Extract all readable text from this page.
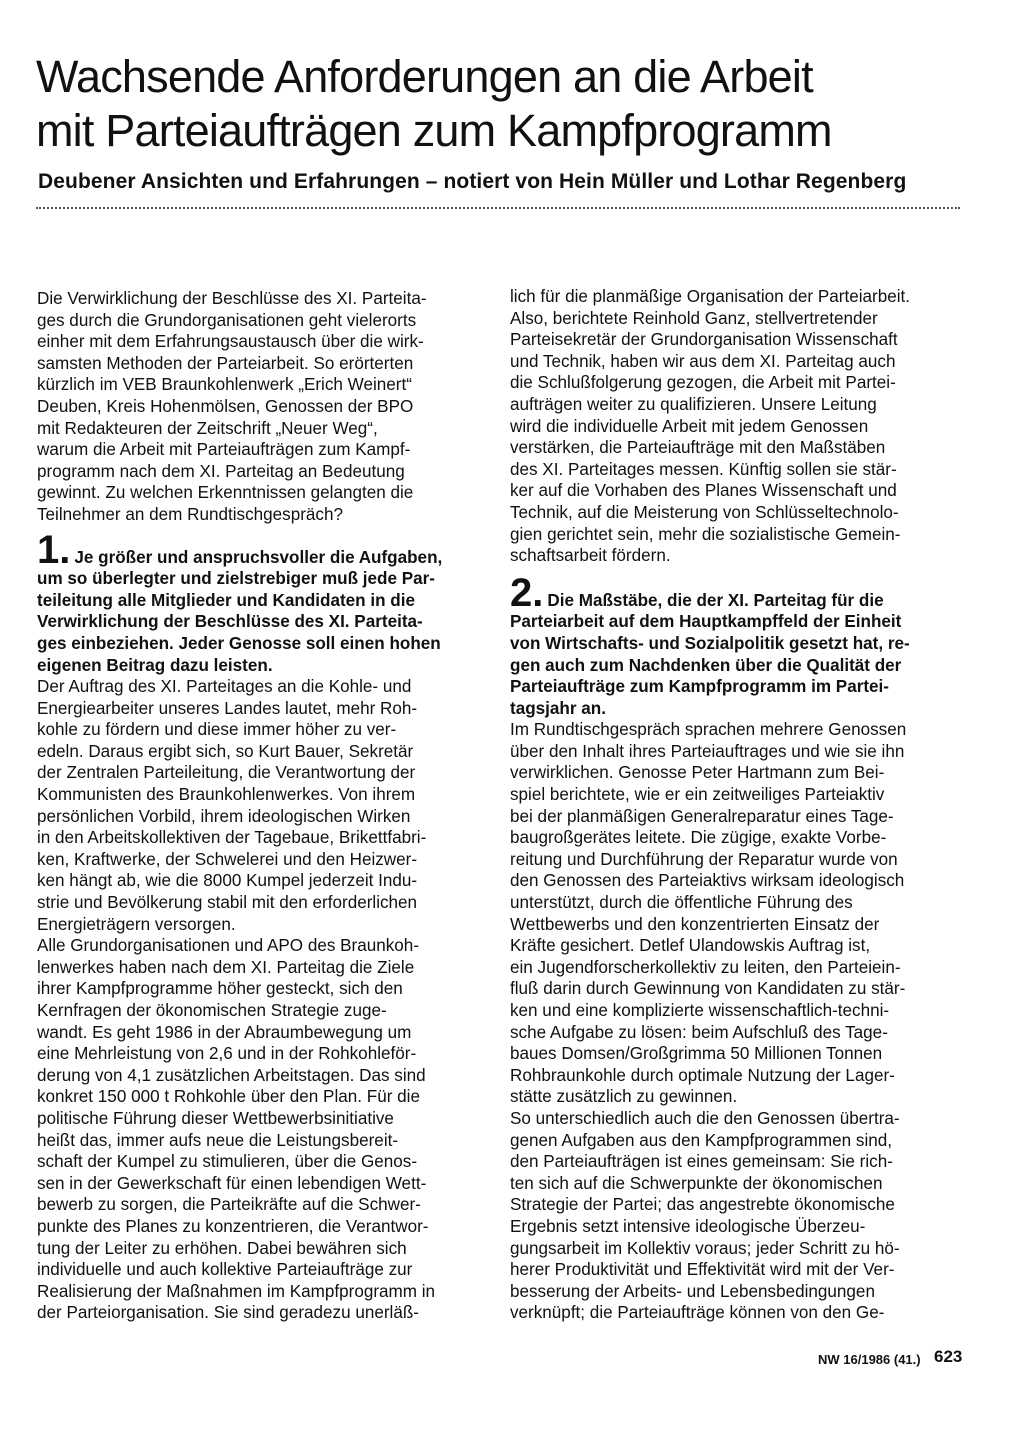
Wachsende Anforderungen an die Arbeit
mit Parteiaufträgen zum Kampfprogramm
Deubener Ansichten und Erfahrungen – notiert von Hein Müller und Lothar Regenberg
Die Verwirklichung der Beschlüsse des XI. Parteita-
ges durch die Grundorganisationen geht vielerorts
einher mit dem Erfahrungsaustausch über die wirk-
samsten Methoden der Parteiarbeit. So erörterten
kürzlich im VEB Braunkohlenwerk „Erich Weinert“
Deuben, Kreis Hohenmölsen, Genossen der BPO
mit Redakteuren der Zeitschrift „Neuer Weg“,
warum die Arbeit mit Parteiaufträgen zum Kampf-
programm nach dem XI. Parteitag an Bedeutung
gewinnt. Zu welchen Erkenntnissen gelangten die
Teilnehmer an dem Rundtischgespräch?
1. Je größer und anspruchsvoller die Aufgaben,
um so überlegter und zielstrebiger muß jede Par-
teileitung alle Mitglieder und Kandidaten in die
Verwirklichung der Beschlüsse des XI. Parteita-
ges einbeziehen. Jeder Genosse soll einen hohen
eigenen Beitrag dazu leisten.
Der Auftrag des XI. Parteitages an die Kohle- und
Energiearbeiter unseres Landes lautet, mehr Roh-
kohle zu fördern und diese immer höher zu ver-
edeln. Daraus ergibt sich, so Kurt Bauer, Sekretär
der Zentralen Parteileitung, die Verantwortung der
Kommunisten des Braunkohlenwerkes. Von ihrem
persönlichen Vorbild, ihrem ideologischen Wirken
in den Arbeitskollektiven der Tagebaue, Brikettfabri-
ken, Kraftwerke, der Schwelerei und den Heizwer-
ken hängt ab, wie die 8000 Kumpel jederzeit Indu-
strie und Bevölkerung stabil mit den erforderlichen
Energieträgern versorgen.
Alle Grundorganisationen und APO des Braunkoh-
lenwerkes haben nach dem XI. Parteitag die Ziele
ihrer Kampfprogramme höher gesteckt, sich den
Kernfragen der ökonomischen Strategie zuge-
wandt. Es geht 1986 in der Abraumbewegung um
eine Mehrleistung von 2,6 und in der Rohkohleför-
derung von 4,1 zusätzlichen Arbeitstagen. Das sind
konkret 150 000 t Rohkohle über den Plan. Für die
politische Führung dieser Wettbewerbsinitiative
heißt das, immer aufs neue die Leistungsbereit-
schaft der Kumpel zu stimulieren, über die Genos-
sen in der Gewerkschaft für einen lebendigen Wett-
bewerb zu sorgen, die Parteikräfte auf die Schwer-
punkte des Planes zu konzentrieren, die Verantwor-
tung der Leiter zu erhöhen. Dabei bewähren sich
individuelle und auch kollektive Parteiaufträge zur
Realisierung der Maßnahmen im Kampfprogramm in
der Parteiorganisation. Sie sind geradezu unerläß-
lich für die planmäßige Organisation der Parteiarbeit.
Also, berichtete Reinhold Ganz, stellvertretender
Parteisekretär der Grundorganisation Wissenschaft
und Technik, haben wir aus dem XI. Parteitag auch
die Schlußfolgerung gezogen, die Arbeit mit Partei-
aufträgen weiter zu qualifizieren. Unsere Leitung
wird die individuelle Arbeit mit jedem Genossen
verstärken, die Parteiaufträge mit den Maßstäben
des XI. Parteitages messen. Künftig sollen sie stär-
ker auf die Vorhaben des Planes Wissenschaft und
Technik, auf die Meisterung von Schlüsseltechnolo-
gien gerichtet sein, mehr die sozialistische Gemein-
schaftsarbeit fördern.
2. Die Maßstäbe, die der XI. Parteitag für die
Parteiarbeit auf dem Hauptkampffeld der Einheit
von Wirtschafts- und Sozialpolitik gesetzt hat, re-
gen auch zum Nachdenken über die Qualität der
Parteiaufträge zum Kampfprogramm im Partei-
tagsjahr an.
Im Rundtischgespräch sprachen mehrere Genossen
über den Inhalt ihres Parteiauftrages und wie sie ihn
verwirklichen. Genosse Peter Hartmann zum Bei-
spiel berichtete, wie er ein zeitweiliges Parteiaktiv
bei der planmäßigen Generalreparatur eines Tage-
baugroßgerätes leitete. Die zügige, exakte Vorbe-
reitung und Durchführung der Reparatur wurde von
den Genossen des Parteiaktivs wirksam ideologisch
unterstützt, durch die öffentliche Führung des
Wettbewerbs und den konzentrierten Einsatz der
Kräfte gesichert. Detlef Ulandowskis Auftrag ist,
ein Jugendforscherkollektiv zu leiten, den Parteiein-
fluß darin durch Gewinnung von Kandidaten zu stär-
ken und eine komplizierte wissenschaftlich-techni-
sche Aufgabe zu lösen: beim Aufschluß des Tage-
baues Domsen/Großgrimma 50 Millionen Tonnen
Rohbraunkohle durch optimale Nutzung der Lager-
stätte zusätzlich zu gewinnen.
So unterschiedlich auch die den Genossen übertra-
genen Aufgaben aus den Kampfprogrammen sind,
den Parteiaufträgen ist eines gemeinsam: Sie rich-
ten sich auf die Schwerpunkte der ökonomischen
Strategie der Partei; das angestrebte ökonomische
Ergebnis setzt intensive ideologische Überzeu-
gungsarbeit im Kollektiv voraus; jeder Schritt zu hö-
herer Produktivität und Effektivität wird mit der Ver-
besserung der Arbeits- und Lebensbedingungen
verknüpft; die Parteiaufträge können von den Ge-
NW 16/1986 (41.) 623
